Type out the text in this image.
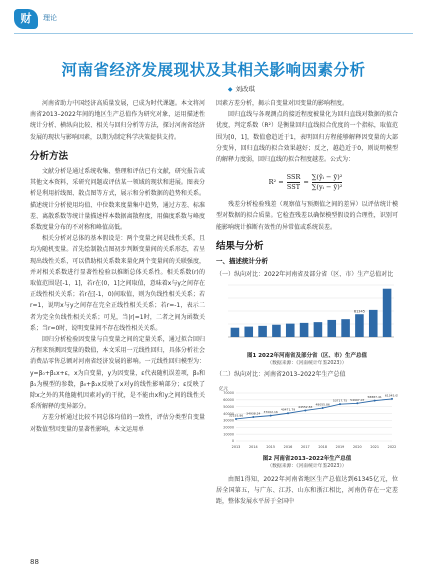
财	理论
河南省经济发展现状及其相关影响因素分析
◆ 刘改琪

河南省助力中国经济高质量发展，已成为时代课题。本文将河南省2013–2022年间的地区生产总值作为研究对象，运用描述性统计分析、横纵向比较、相关与回归分析等方法，探讨河南省经济发展的现状与影响因素，以期为制定科学决策提供支持。

分析方法

文献分析是通过系统收集、整理和评估已有文献，研究报告或其他文本资料，采研究问题或评估某一领域的现状和进展。图表分析是利用折线图、散点图等方式，展示和分析数据的趋势和关系。描述统计分析使用均值、中位数来度量集中趋势，通过方差、标准差、离散系数等统计量描述样本数据离散程度，用偏度系数与峰度系数度量分布的不对称和峰值高低。

相关分析对总体的基本假设是：两个变量之间是线性关系，且均为随机变量。首先绘制散点图初步判断变量间的关系形态，若呈现出线性关系，可以借助相关系数来量化两个变量间的关联强度，并对相关系数进行显著性检验以推断总体关系性。相关系数(r)的取值范围是[-1，1]，若r在(0，1]之间取值，意味着x与y之间存在正线性相关关系；若r在[-1，0)间取值，则为负线性相关关系；若r=1，说明x与y之间存在完全正线性相关关系；若r=-1，表示二者为完全负线性相关关系；可见，当|r|=1时，二者之间为函数关系；当r=0时，说明变量间不存在线性相关关系。

回归分析检验因变量与自变量之间的定量关系，通过拟合回归方程来预测因变量的数值，本文采用一元线性回归，具体分析社会消费品零售总额对河南省经济发展的影响。一元线性回归模型为：y=β₀+β₁x+ε，x为自变量，y为因变量，ε代表随机误差项，β₀和β₁为模型的参数，β₀+β₁x反映了x对y的线性影响部分；ε反映了除x之外的其他随机因素对y的干扰，是不能由x和y之间的线性关系所解释的变异部分。

方差分析通过比较不同总体均值的一致性，评估分类型自变量对数值型因变量的显著性影响，本文运用单

因素方差分析，揭示自变量对因变量的影响程度。

回归直线与各观测点的接近程度被量化为回归直线对数据的拟合优度，判定系数（R²）是衡量回归直线拟合优度的一个指标，取值范围为[0，1]，数值愈趋近于1，表明回归方程能够解释因变量的大部分变异，回归直线的拟合效果越好；反之，越趋近于0，则说明模型的解释力度弱，回归直线的拟合程度越差。公式为：

$R^2 = \frac{\text{SSR}}{\text{SST}} = \frac{\text{∑(ŷᵢ − ȳ)²}}{\text{∑(yᵢ − ȳ)²}}$

残差分析检验残差（观察值与预测值之间的差异）以评估统计模型对数据的拟合质量。它检查残差以确保模型假设的合理性，识别可能影响统计推断有效性的异常值或系统误差。

结果与分析
一、描述统计分析
（一）纵向对比：2022年河南省及部分省（区、市）生产总值对比
61345
图1 2022年河南省及部分省（区、市）生产总值
（数据来源：《河南统计年鉴2023》）
（二）纵向对比：河南省2013–2022年生产总值
亿元
0
10000
20000
30000
40000
50000
60000
70000
32155.86
2013
34938.24
2014
37002.16
2015
40471.79
2016
44552.83
2017
48055.86
2018
53717.75
2019
54997.07
2020
58887.41
2021
61345.05
2022
图2 河南省2013–2022年生产总值
（数据来源：《河南统计年鉴2023》）

由图1得知，2022年河南省地区生产总值达到61345亿元，位居全国第五，与广东、江苏、山东和浙江相比，河南仍存在一定差距，整体发展水平居于全国中

88
